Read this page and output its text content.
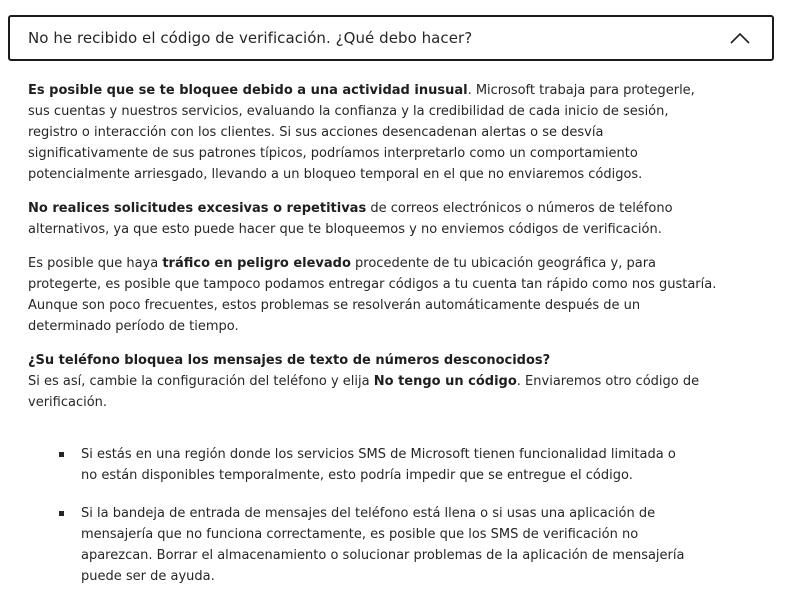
No he recibido el código de verificación. ¿Qué debo hacer?

Es posible que se te bloquee debido a una actividad inusual. Microsoft trabaja para protegerle, sus cuentas y nuestros servicios, evaluando la confianza y la credibilidad de cada inicio de sesión, registro o interacción con los clientes. Si sus acciones desencadenan alertas o se desvía significativamente de sus patrones típicos, podríamos interpretarlo como un comportamiento potencialmente arriesgado, llevando a un bloqueo temporal en el que no enviaremos códigos.

No realices solicitudes excesivas o repetitivas de correos electrónicos o números de teléfono alternativos, ya que esto puede hacer que te bloqueemos y no enviemos códigos de verificación.

Es posible que haya tráfico en peligro elevado procedente de tu ubicación geográfica y, para protegerte, es posible que tampoco podamos entregar códigos a tu cuenta tan rápido como nos gustaría. Aunque son poco frecuentes, estos problemas se resolverán automáticamente después de un determinado período de tiempo.

¿Su teléfono bloquea los mensajes de texto de números desconocidos?
Si es así, cambie la configuración del teléfono y elija No tengo un código. Enviaremos otro código de verificación.

Si estás en una región donde los servicios SMS de Microsoft tienen funcionalidad limitada o no están disponibles temporalmente, esto podría impedir que se entregue el código.
Si la bandeja de entrada de mensajes del teléfono está llena o si usas una aplicación de mensajería que no funciona correctamente, es posible que los SMS de verificación no aparezcan. Borrar el almacenamiento o solucionar problemas de la aplicación de mensajería puede ser de ayuda.
